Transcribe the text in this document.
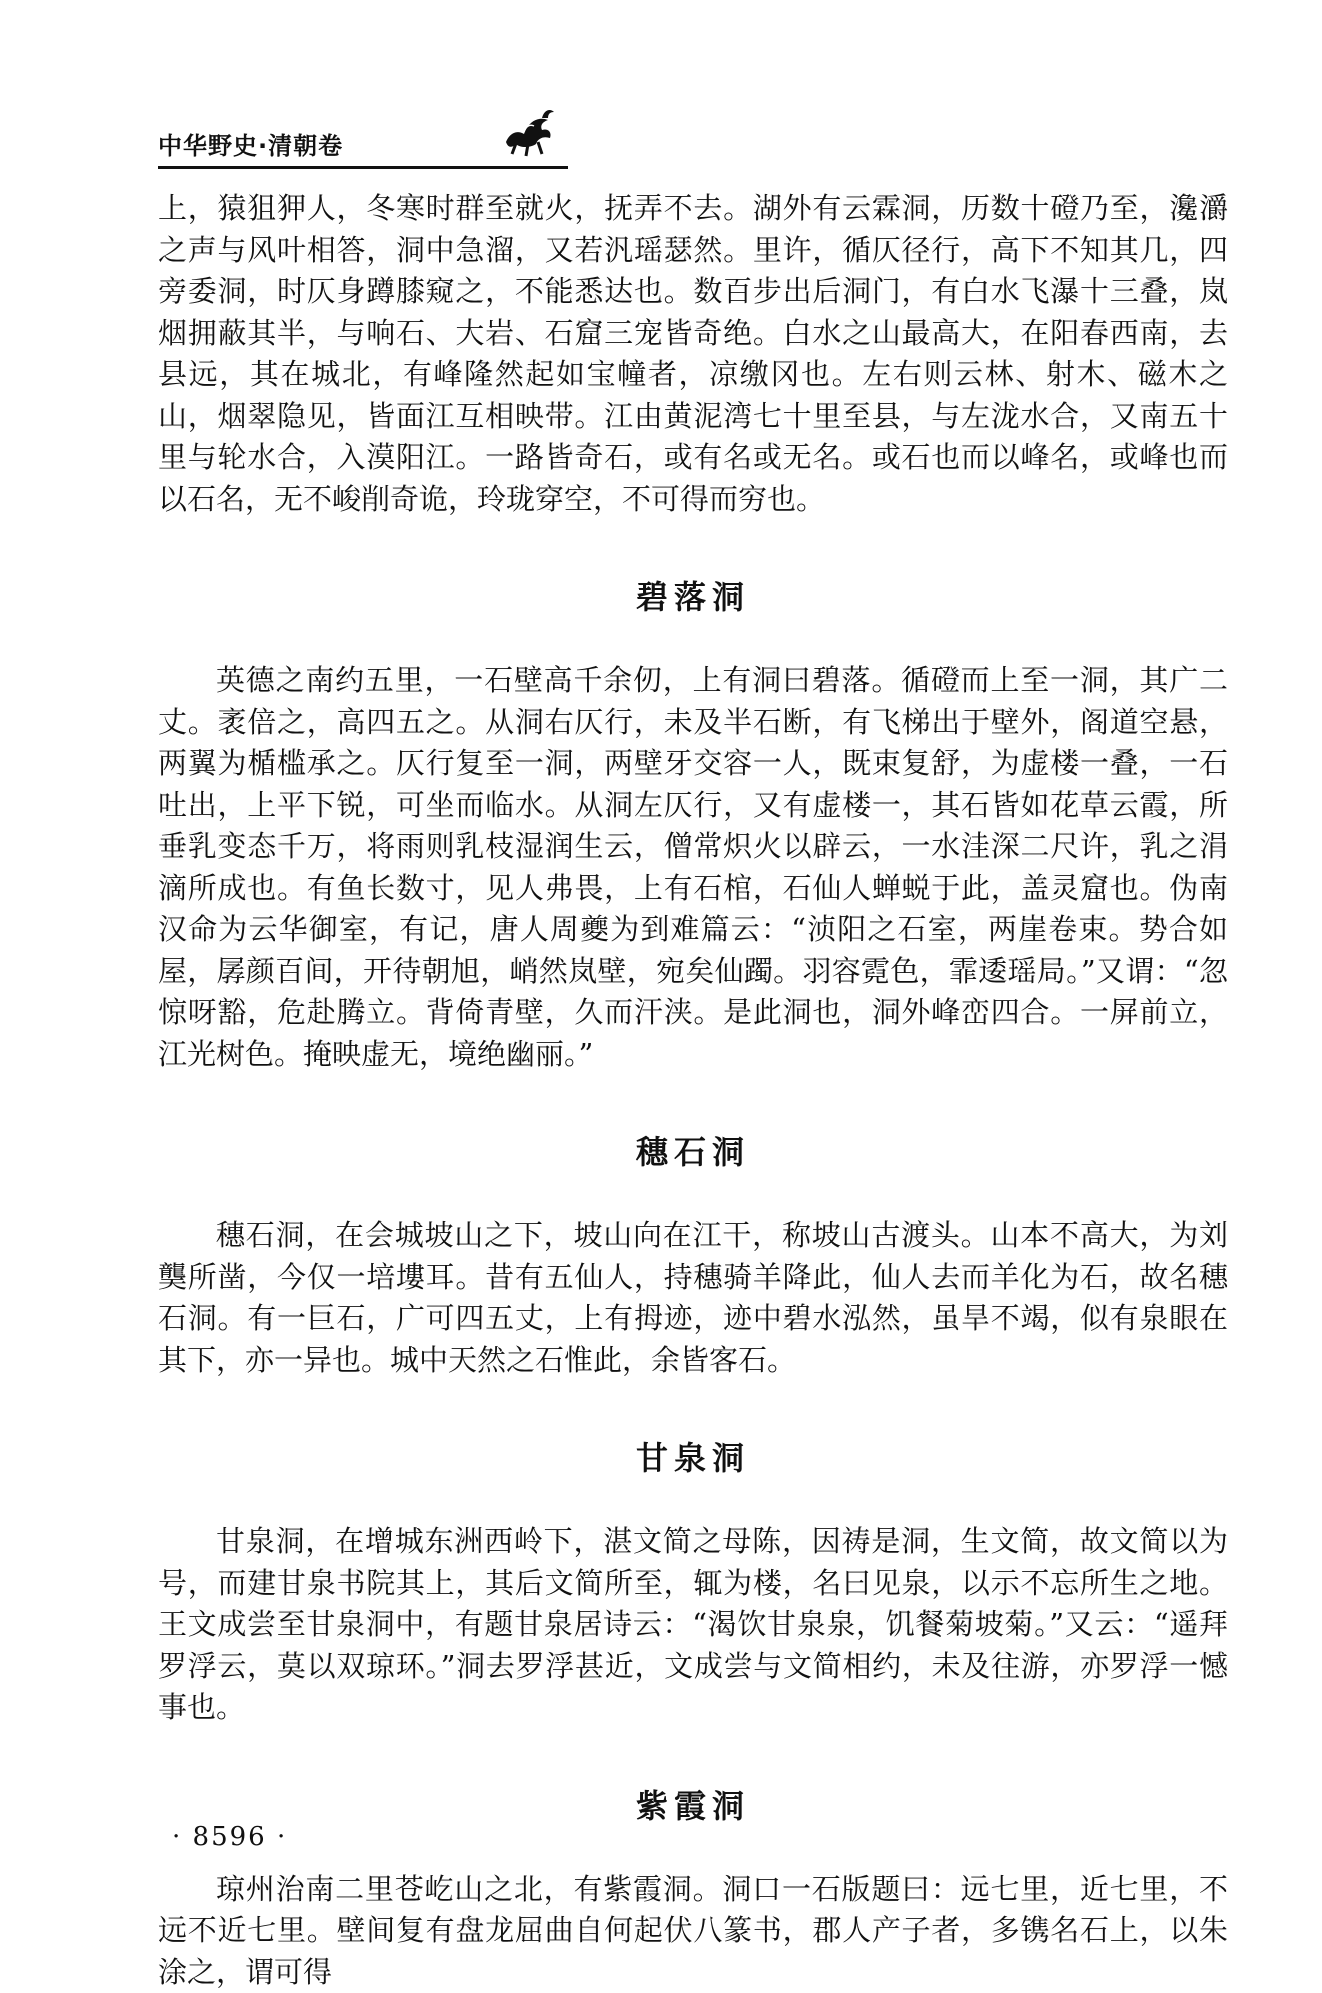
中华野史·清朝卷

上，猿狙狎人，冬寒时群至就火，抚弄不去。湖外有云霖洞，历数十磴乃至，瀺灂之声与风叶相答，洞中急溜，又若汎瑶瑟然。里许，循仄径行，高下不知其几，四旁委洞，时仄身蹲膝窥之，不能悉达也。数百步出后洞门，有白水飞瀑十三叠，岚烟拥蔽其半，与响石、大岩、石窟三宠皆奇绝。白水之山最高大，在阳春西南，去县远，其在城北，有峰隆然起如宝幢者，凉缴冈也。左右则云林、射木、磁木之山，烟翠隐见，皆面江互相映带。江由黄泥湾七十里至县，与左泷水合，又南五十里与轮水合，入漠阳江。一路皆奇石，或有名或无名。或石也而以峰名，或峰也而以石名，无不峻削奇诡，玲珑穿空，不可得而穷也。

碧落洞

英德之南约五里，一石壁高千余仞，上有洞曰碧落。循磴而上至一洞，其广二丈。袤倍之，高四五之。从洞右仄行，未及半石断，有飞梯出于壁外，阁道空悬，两翼为楯槛承之。仄行复至一洞，两壁牙交容一人，既束复舒，为虚楼一叠，一石吐出，上平下锐，可坐而临水。从洞左仄行，又有虚楼一，其石皆如花草云霞，所垂乳变态千万，将雨则乳枝湿润生云，僧常炽火以辟云，一水洼深二尺许，乳之涓滴所成也。有鱼长数寸，见人弗畏，上有石棺，石仙人蝉蜕于此，盖灵窟也。伪南汉命为云华御室，有记，唐人周夔为到难篇云：“浈阳之石室，两崖卷束。势合如屋，孱颜百间，开待朝旭，峭然岚壁，宛矣仙躅。羽容霓色，霏逶瑶局。”又谓：“忽惊呀豁，危赴腾立。背倚青壁，久而汗浃。是此洞也，洞外峰峦四合。一屏前立，江光树色。掩映虚无，境绝幽丽。”

穗石洞

穗石洞，在会城坡山之下，坡山向在江干，称坡山古渡头。山本不高大，为刘龑所凿，今仅一培塿耳。昔有五仙人，持穗骑羊降此，仙人去而羊化为石，故名穗石洞。有一巨石，广可四五丈，上有拇迹，迹中碧水泓然，虽旱不竭，似有泉眼在其下，亦一异也。城中天然之石惟此，余皆客石。

甘泉洞

甘泉洞，在增城东洲西岭下，湛文简之母陈，因祷是洞，生文简，故文简以为号，而建甘泉书院其上，其后文简所至，辄为楼，名曰见泉，以示不忘所生之地。王文成尝至甘泉洞中，有题甘泉居诗云：“渴饮甘泉泉，饥餐菊坡菊。”又云：“遥拜罗浮云，莫以双琼环。”洞去罗浮甚近，文成尝与文简相约，未及往游，亦罗浮一憾事也。

紫霞洞

琼州治南二里苍屹山之北，有紫霞洞。洞口一石版题曰：远七里，近七里，不远不近七里。壁间复有盘龙屈曲自何起伏八篆书，郡人产子者，多镌名石上，以朱涂之，谓可得

· 8596 ·
